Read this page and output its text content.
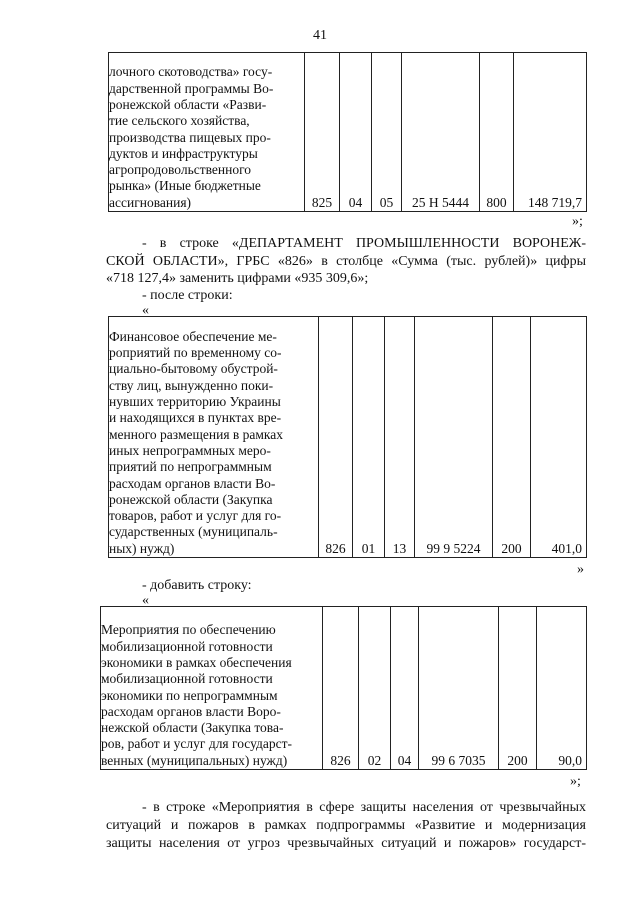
41
лочного скотоводства» госу-
дарственной программы Во-
ронежской области «Разви-
тие сельского хозяйства,
производства пищевых про-
дуктов и инфраструктуры
агропродовольственного
рынка» (Иные бюджетные
ассигнования)	825	04	05	25 Н 5444	800	148 719,7
»;
- в строке «ДЕПАРТАМЕНТ ПРОМЫШЛЕННОСТИ ВОРОНЕЖ-
СКОЙ ОБЛАСТИ», ГРБС «826» в столбце «Сумма (тыс. рублей)» цифры
«718 127,4» заменить цифрами «935 309,6»;
- после строки:
«
Финансовое обеспечение ме-
роприятий по временному со-
циально-бытовому обустрой-
ству лиц, вынужденно поки-
нувших территорию Украины
и находящихся в пунктах вре-
менного размещения в рамках
иных непрограммных меро-
приятий по непрограммным
расходам органов власти Во-
ронежской области (Закупка
товаров, работ и услуг для го-
сударственных (муниципаль-
ных) нужд)	826	01	13	99 9 5224	200	401,0
»
- добавить строку:
«
Мероприятия по обеспечению
мобилизационной готовности
экономики в рамках обеспечения
мобилизационной готовности
экономики по непрограммным
расходам органов власти Воро-
нежской области (Закупка това-
ров, работ и услуг для государст-
венных (муниципальных) нужд)	826	02	04	99 6 7035	200	90,0
»;
- в строке «Мероприятия в сфере защиты населения от чрезвычайных
ситуаций и пожаров в рамках подпрограммы «Развитие и модернизация
защиты населения от угроз чрезвычайных ситуаций и пожаров» государст-
